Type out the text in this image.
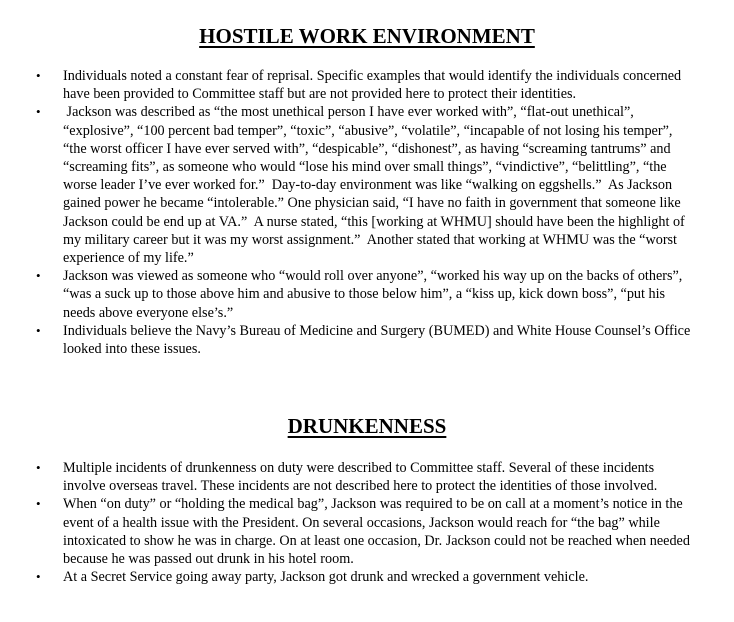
HOSTILE WORK ENVIRONMENT
• Individuals noted a constant fear of reprisal. Specific examples that would identify the individuals concerned have been provided to Committee staff but are not provided here to protect their identities.
• Jackson was described as “the most unethical person I have ever worked with”, “flat-out unethical”, “explosive”, “100 percent bad temper”, “toxic”, “abusive”, “volatile”, “incapable of not losing his temper”, “the worst officer I have ever served with”, “despicable”, “dishonest”, as having “screaming tantrums” and “screaming fits”, as someone who would “lose his mind over small things”, “vindictive”, “belittling”, “the worse leader I’ve ever worked for.”  Day-to-day environment was like “walking on eggshells.”  As Jackson gained power he became “intolerable.” One physician said, “I have no faith in government that someone like Jackson could be end up at VA.”  A nurse stated, “this [working at WHMU] should have been the highlight of my military career but it was my worst assignment.”  Another stated that working at WHMU was the “worst experience of my life.”
• Jackson was viewed as someone who “would roll over anyone”, “worked his way up on the backs of others”, “was a suck up to those above him and abusive to those below him”, a “kiss up, kick down boss”, “put his needs above everyone else’s.”
• Individuals believe the Navy’s Bureau of Medicine and Surgery (BUMED) and White House Counsel’s Office looked into these issues.
DRUNKENNESS
• Multiple incidents of drunkenness on duty were described to Committee staff. Several of these incidents involve overseas travel. These incidents are not described here to protect the identities of those involved.
• When “on duty” or “holding the medical bag”, Jackson was required to be on call at a moment’s notice in the event of a health issue with the President. On several occasions, Jackson would reach for “the bag” while intoxicated to show he was in charge. On at least one occasion, Dr. Jackson could not be reached when needed because he was passed out drunk in his hotel room.
• At a Secret Service going away party, Jackson got drunk and wrecked a government vehicle.
